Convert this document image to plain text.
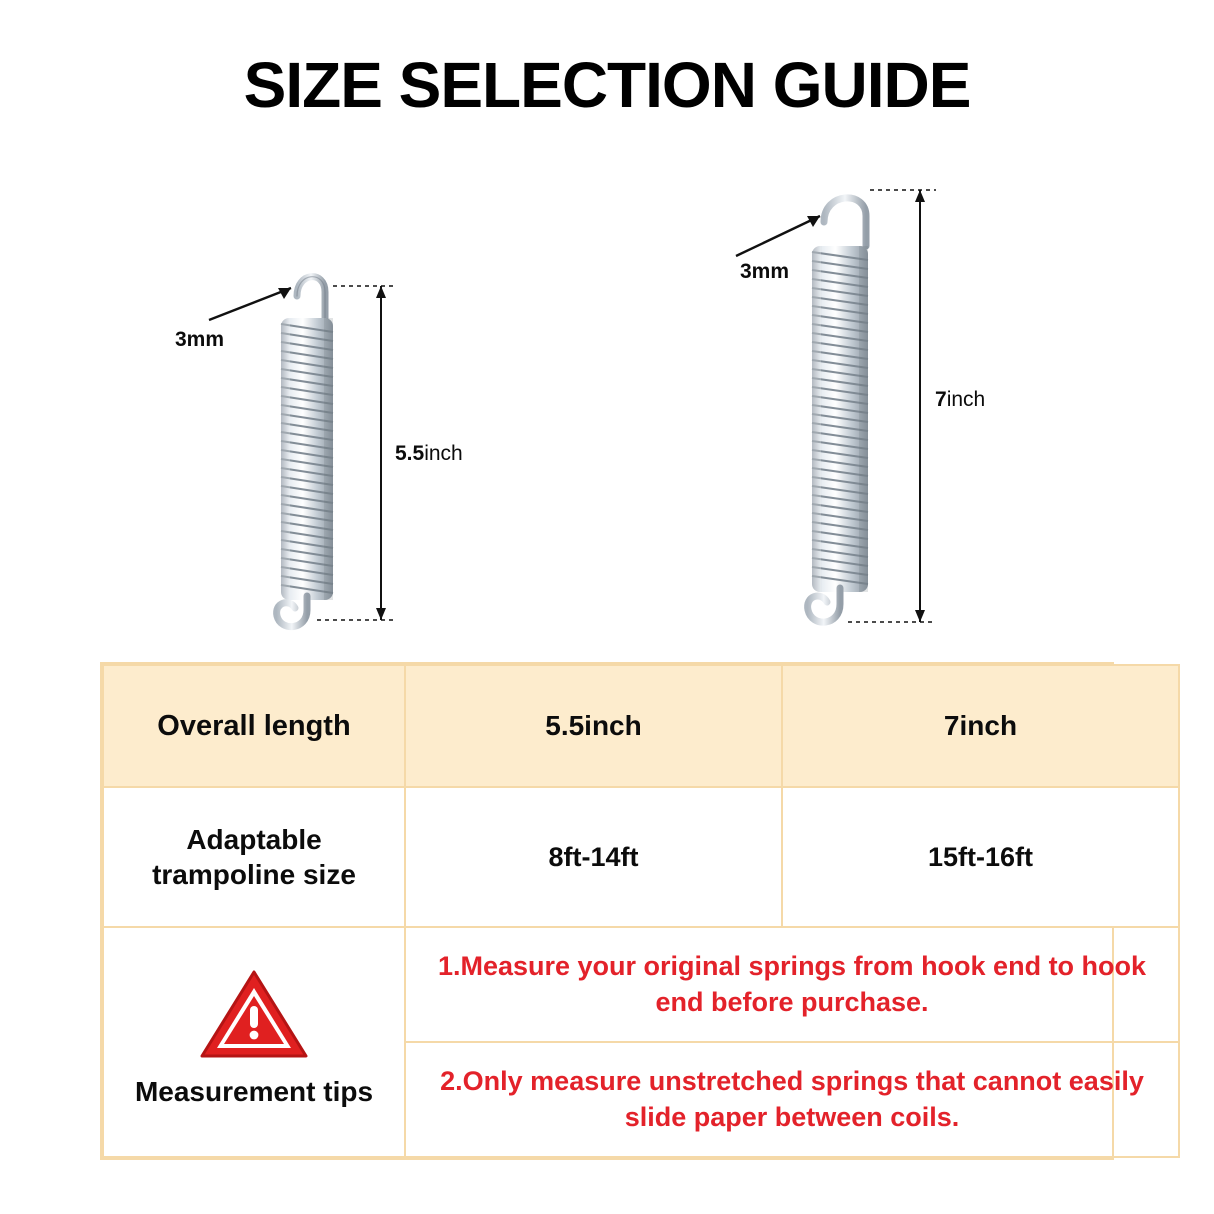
SIZE SELECTION GUIDE
3mm
5.5inch
3mm
7inch
Overall length	5.5inch	7inch
Adaptable trampoline size	8ft-14ft	15ft-16ft

Measurement tips	1.Measure your original springs from hook end to hook end before purchase.	
	2.Only measure unstretched springs that cannot easily slide paper between coils.	
